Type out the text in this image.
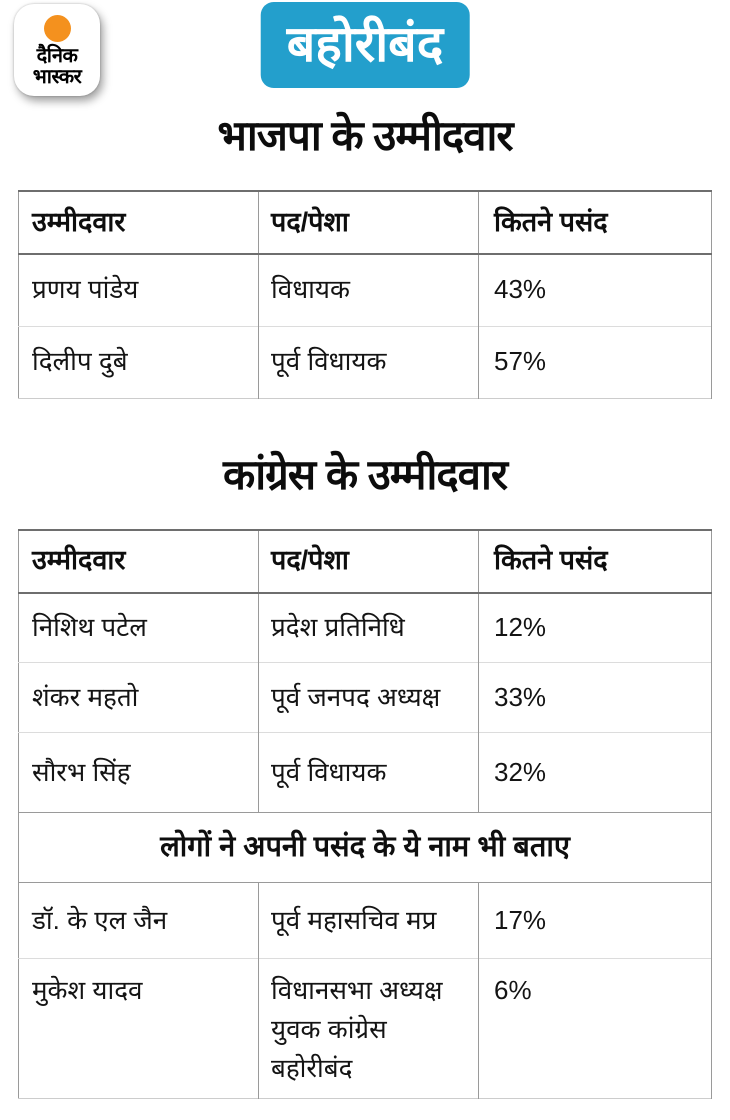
दैनिक
भास्कर
बहोरीबंद
भाजपा के उम्मीदवार
उम्मीदवार	पद/पेशा	कितने पसंद
प्रणय पांडेय	विधायक	43%
दिलीप दुबे	पूर्व विधायक	57%
कांग्रेस के उम्मीदवार
उम्मीदवार	पद/पेशा	कितने पसंद
निशिथ पटेल	प्रदेश प्रतिनिधि	12%
शंकर महतो	पूर्व जनपद अध्यक्ष	33%
सौरभ सिंह	पूर्व विधायक	32%
लोगों ने अपनी पसंद के ये नाम भी बताए		
डॉ. के एल जैन	पूर्व महासचिव मप्र	17%
मुकेश यादव	विधानसभा अध्यक्ष युवक कांग्रेस बहोरीबंद	6%
